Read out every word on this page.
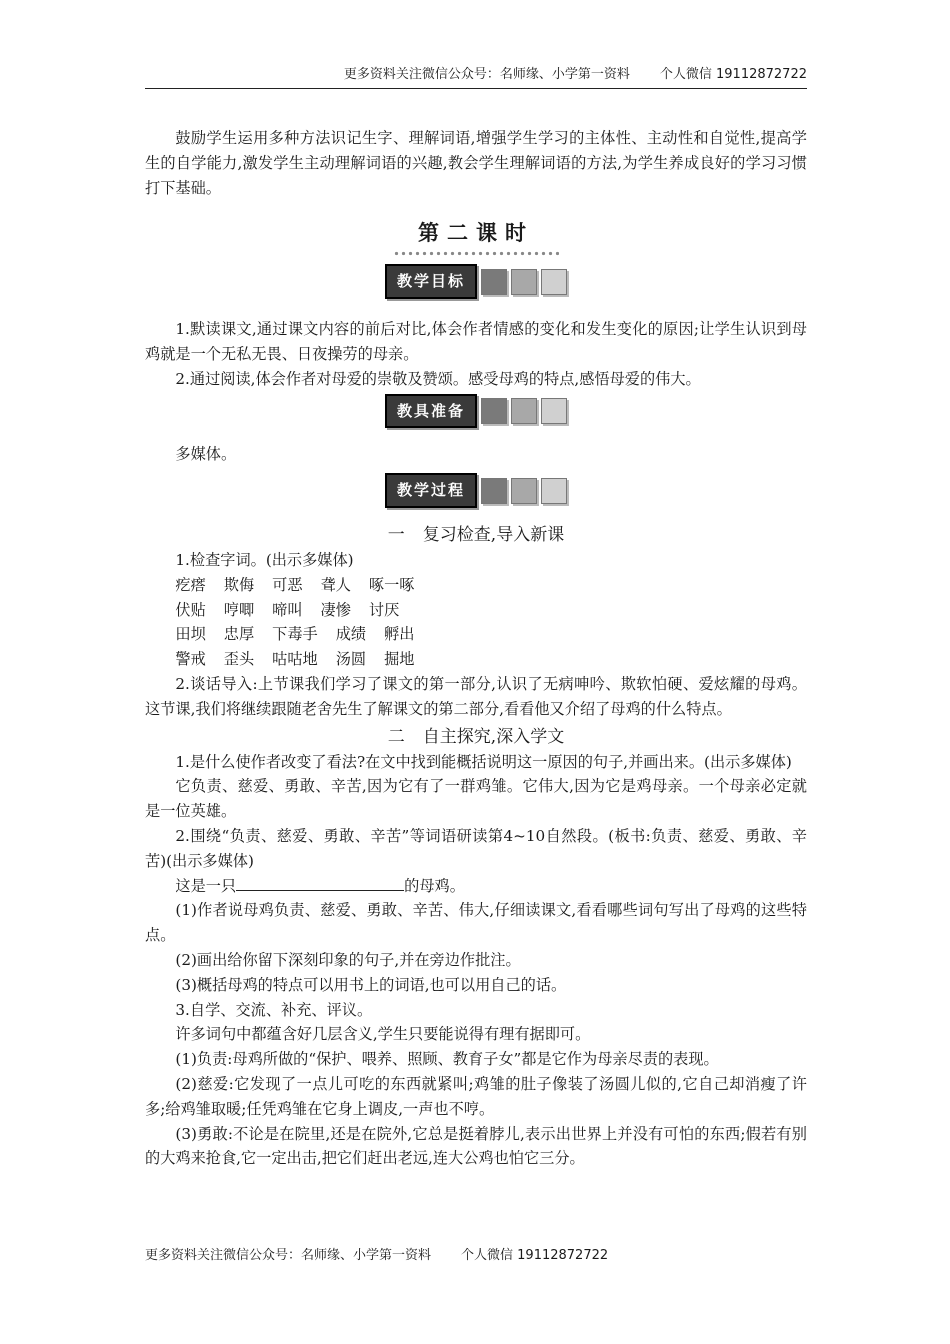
更多资料关注微信公众号：名师缘、小学第一资料 个人微信 19112872722

鼓励学生运用多种方法识记生字、理解词语,增强学生学习的主体性、主动性和自觉性,提高学生的自学能力,激发学生主动理解词语的兴趣,教会学生理解词语的方法,为学生养成良好的学习习惯打下基础。

第二课时
教学目标

1.默读课文,通过课文内容的前后对比,体会作者情感的变化和发生变化的原因;让学生认识到母鸡就是一个无私无畏、日夜操劳的母亲。

2.通过阅读,体会作者对母爱的崇敬及赞颂。感受母鸡的特点,感悟母爱的伟大。

教具准备

多媒体。

教学过程
一 复习检查,导入新课

1.检查字词。(出示多媒体)

疙瘩 欺侮 可恶 聋人 啄一啄
伏贴 哼唧 啼叫 凄惨 讨厌
田坝 忠厚 下毒手 成绩 孵出
警戒 歪头 咕咕地 汤圆 掘地

2.谈话导入:上节课我们学习了课文的第一部分,认识了无病呻吟、欺软怕硬、爱炫耀的母鸡。这节课,我们将继续跟随老舍先生了解课文的第二部分,看看他又介绍了母鸡的什么特点。

二 自主探究,深入学文

1.是什么使作者改变了看法?在文中找到能概括说明这一原因的句子,并画出来。(出示多媒体)

它负责、慈爱、勇敢、辛苦,因为它有了一群鸡雏。它伟大,因为它是鸡母亲。一个母亲必定就是一位英雄。

2.围绕“负责、慈爱、勇敢、辛苦”等词语研读第4~10自然段。(板书:负责、慈爱、勇敢、辛苦)(出示多媒体)

这是一只	的母鸡。

(1)作者说母鸡负责、慈爱、勇敢、辛苦、伟大,仔细读课文,看看哪些词句写出了母鸡的这些特点。

(2)画出给你留下深刻印象的句子,并在旁边作批注。

(3)概括母鸡的特点可以用书上的词语,也可以用自己的话。

3.自学、交流、补充、评议。

许多词句中都蕴含好几层含义,学生只要能说得有理有据即可。

(1)负责:母鸡所做的“保护、喂养、照顾、教育子女”都是它作为母亲尽责的表现。

(2)慈爱:它发现了一点儿可吃的东西就紧叫;鸡雏的肚子像装了汤圆儿似的,它自己却消瘦了许多;给鸡雏取暖;任凭鸡雏在它身上调皮,一声也不哼。

(3)勇敢:不论是在院里,还是在院外,它总是挺着脖儿,表示出世界上并没有可怕的东西;假若有别的大鸡来抢食,它一定出击,把它们赶出老远,连大公鸡也怕它三分。

更多资料关注微信公众号：名师缘、小学第一资料 个人微信 19112872722
